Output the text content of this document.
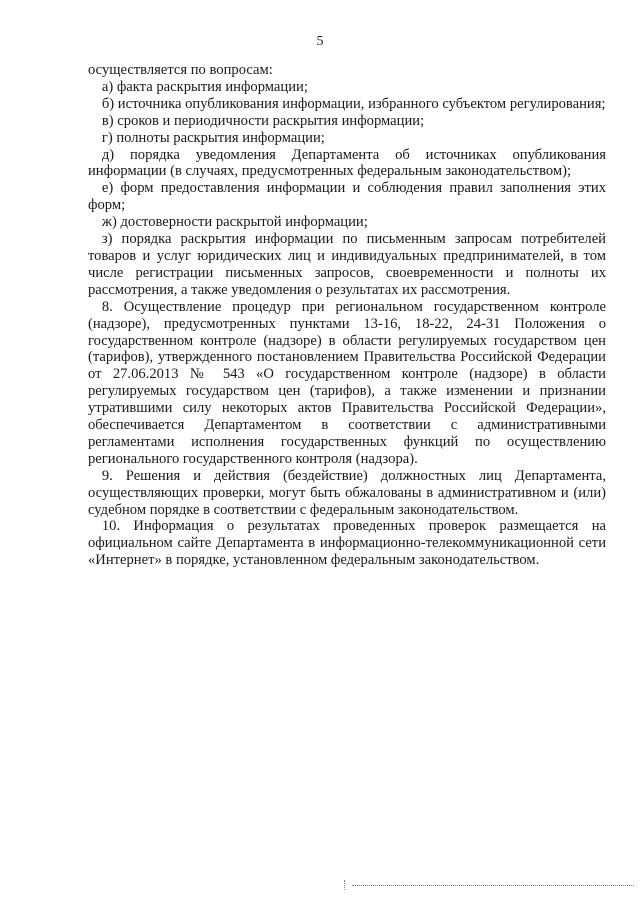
5

осуществляется по вопросам:

а) факта раскрытия информации;

б) источника опубликования информации, избранного субъектом регулирования;

в) сроков и периодичности раскрытия информации;

г) полноты раскрытия информации;

д) порядка уведомления Департамента об источниках опубликования информации (в случаях, предусмотренных федеральным законодательством);

е) форм предоставления информации и соблюдения правил заполнения этих форм;

ж) достоверности раскрытой информации;

з) порядка раскрытия информации по письменным запросам потребителей товаров и услуг юридических лиц и индивидуальных предпринимателей, в том числе регистрации письменных запросов, своевременности и полноты их рассмотрения, а также уведомления о результатах их рассмотрения.

8. Осуществление процедур при региональном государственном контроле (надзоре), предусмотренных пунктами 13-16, 18-22, 24-31 Положения о государственном контроле (надзоре) в области регулируемых государством цен (тарифов), утвержденного постановлением Правительства Российской Федерации от 27.06.2013 № 543 «О государственном контроле (надзоре) в области регулируемых государством цен (тарифов), а также изменении и признании утратившими силу некоторых актов Правительства Российской Федерации», обеспечивается Департаментом в соответствии с административными регламентами исполнения государственных функций по осуществлению регионального государственного контроля (надзора).

9. Решения и действия (бездействие) должностных лиц Департамента, осуществляющих проверки, могут быть обжалованы в административном и (или) судебном порядке в соответствии с федеральным законодательством.

10. Информация о результатах проведенных проверок размещается на официальном сайте Департамента в информационно-телекоммуникационной сети «Интернет» в порядке, установленном федеральным законодательством.
